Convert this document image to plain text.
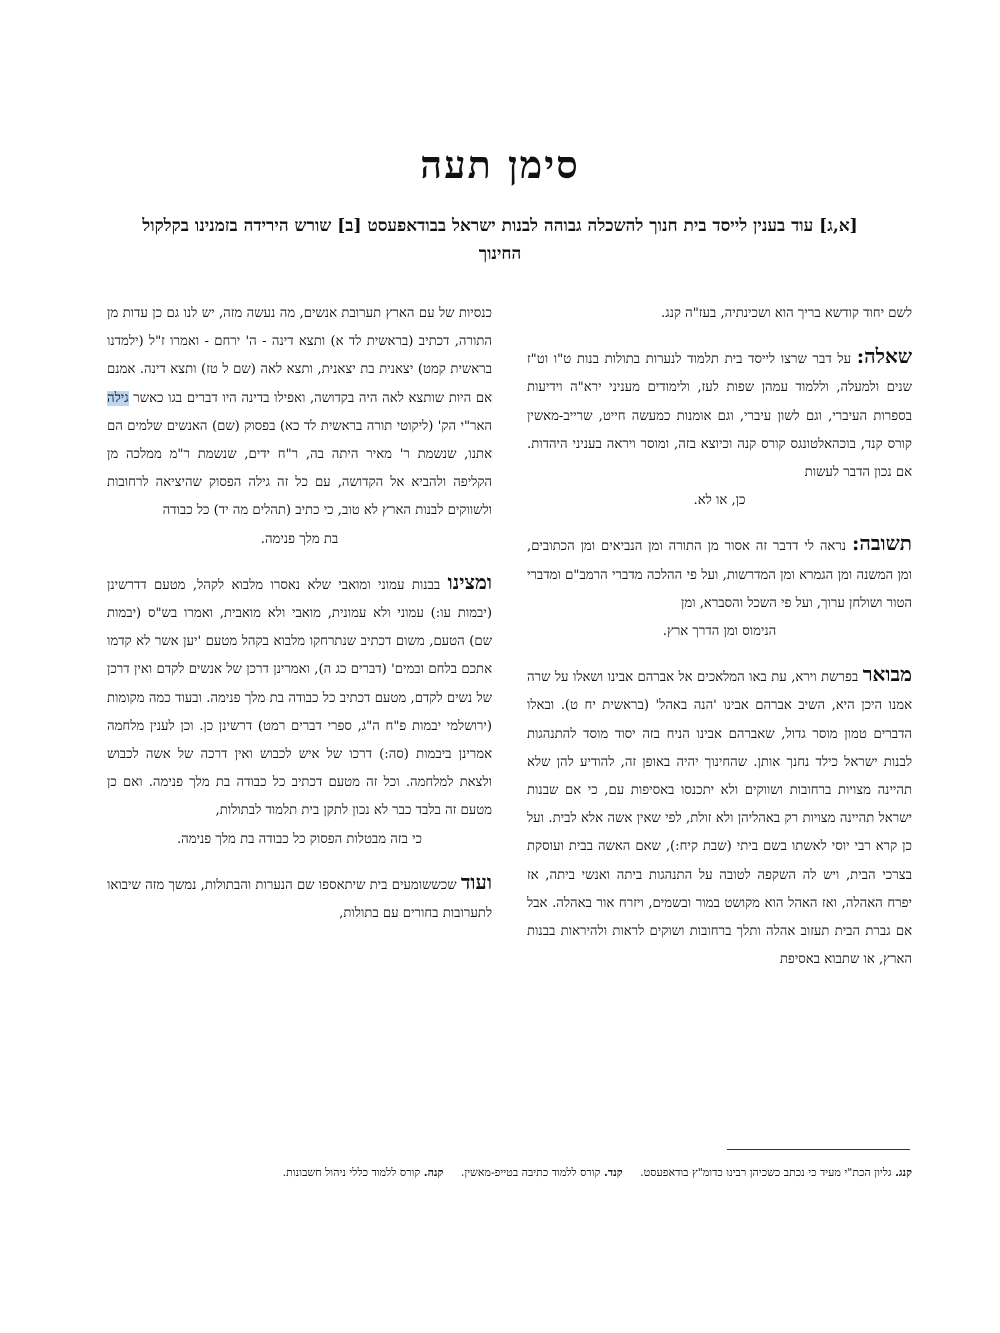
סימן תעה
[א,ג] עוד בענין לייסד בית חנוך להשכלה גבוהה לבנות ישראל בבודאפעסט [ב] שורש הירידה בזמנינו בקלקול החינוך

לשם יחוד קודשא בריך הוא ושכינתיה, בעז"ה קנג.

שאלה: על דבר שרצו לייסד בית תלמוד לנערות בתולות בנות ט"ו וט"ז שנים ולמעלה, וללמוד עמהן שפות לעז, ולימודים מעניני ירא"ה וידיעות בספרות העיברי, וגם לשון עיברי, וגם אומנות כמעשה חייט, שרייב-מאשין קורס קנד, בוכהאלטונגס קורס קנה וכיוצא בזה, ומוסר ויראה בעניני היהדות. אם נכון הדבר לעשות
כן, או לא.

תשובה: נראה לי דדבר זה אסור מן התורה ומן הנביאים ומן הכתובים, ומן המשנה ומן הגמרא ומן המדרשות, ועל פי ההלכה מדברי הרמב"ם ומדברי הטור ושולחן ערוך, ועל פי השכל והסברא, ומן
הנימוס ומן הדרך ארץ.

מבואר בפרשת וירא, עת באו המלאכים אל אברהם אבינו ושאלו על שרה אמנו היכן היא, השיב אברהם אבינו 'הנה באהל' (בראשית יח ט). ובאלו הדברים טמון מוסר גדול, שאברהם אבינו הניח בזה יסוד מוסד להתנהגות לבנות ישראל כילד נחנך אותן. שהחינוך יהיה באופן זה, להודיע להן שלא תהיינה מצויות ברחובות ושווקים ולא יתכנסו באסיפות עם, כי אם שבנות ישראל תהיינה מצויות רק באהליהן ולא זולת, לפי שאין אשה אלא לבית. ועל כן קרא רבי יוסי לאשתו בשם ביתי (שבת קיח:), שאם האשה בבית ועוסקת בצרכי הבית, ויש לה השקפה לטובה על התנהגות ביתה ואנשי ביתה, אז יפרח האהלה, ואז האהל הוא מקושט במור ובשמים, ויזרח אור באהלה. אבל אם גברת הבית תעזוב אהלה ותלך ברחובות ושוקים לראות ולהיראות בבנות הארץ, או שתבוא באסיפת

כנסיות של עם הארץ תערובת אנשים, מה נעשה מזה, יש לנו גם כן עדות מן התורה, דכתיב (בראשית לד א) ותצא דינה - ה' ירחם - ואמרו ז"ל (ילמדנו בראשית קמט) יצאנית בת יצאנית, ותצא לאה (שם ל טז) ותצא דינה. אמנם אם היות שותצא לאה היה בקדושה, ואפילו בדינה היו דברים בגו כאשר גילה האר"י הק' (ליקוטי תורה בראשית לד כא) בפסוק (שם) האנשים שלמים הם אתנו, שנשמת ר' מאיר היתה בה, ר"ח ידים, שנשמת ר"מ ממלכה מן הקליפה ולהביא אל הקדושה, עם כל זה גילה הפסוק שהיציאה לרחובות ולשווקים לבנות הארץ לא טוב, כי כתיב (תהלים מה יד) כל כבודה
בת מלך פנימה.

ומצינו בבנות עמוני ומואבי שלא נאסרו מלבוא לקהל, מטעם דדרשינן (יבמות עו:) עמוני ולא עמונית, מואבי ולא מואבית, ואמרו בש"ס (יבמות שם) הטעם, משום דכתיב שנתרחקו מלבוא בקהל מטעם 'יען אשר לא קדמו אתכם בלחם ובמים' (דברים כג ה), ואמרינן דרכן של אנשים לקדם ואין דרכן של נשים לקדם, מטעם דכתיב כל כבודה בת מלך פנימה. ובעוד כמה מקומות (ירושלמי יבמות פ"ח ה"ג, ספרי דברים רמט) דרשינן כן. וכן לענין מלחמה אמרינן ביבמות (סה:) דרכו של איש לכבוש ואין דרכה של אשה לכבוש ולצאת למלחמה. וכל זה מטעם דכתיב כל כבודה בת מלך פנימה. ואם כן מטעם זה בלבד כבר לא נכון לתקן בית תלמוד לבתולות,
כי בזה מבטלות הפסוק כל כבודה בת מלך פנימה.

ועוד שכששומעים בית שיתאספו שם הנערות והבתולות, נמשך מזה שיבואו לתערובות בחורים עם בתולות,

קנג. גליון הכת"י מעיד כי נכתב כשכיהן רבינו כדומ"ץ בודאפעסט.     קנד. קורס ללמוד כתיבה בטייפ-מאשין.     קנה. קורס ללמוד כללי ניהול חשבונות.
